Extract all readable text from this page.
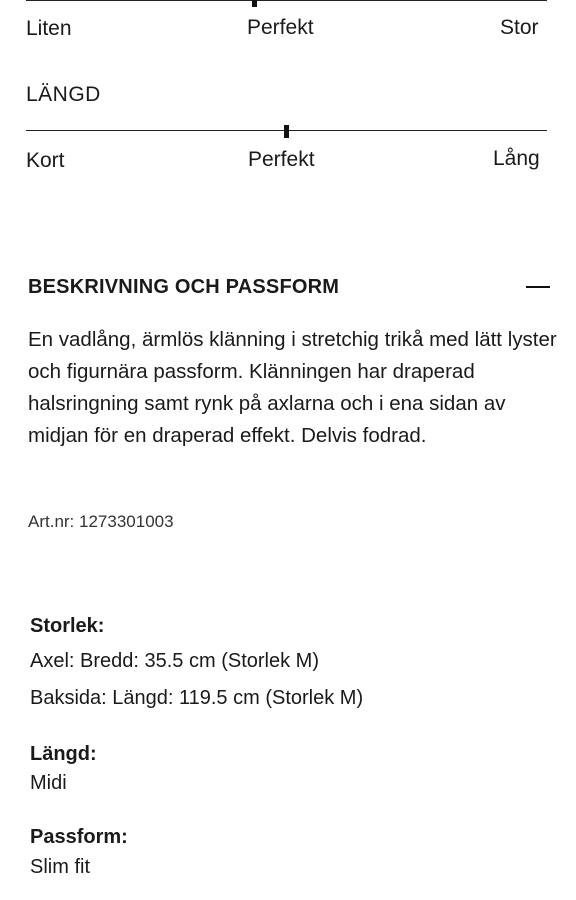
Liten	Perfekt	Stor
LÄNGD
Kort	Perfekt	Lång
BESKRIVNING OCH PASSFORM

En vadlång, ärmlös klänning i stretchig trikå med lätt lyster och figurnära passform. Klänningen har draperad halsringning samt rynk på axlarna och i ena sidan av midjan för en draperad effekt. Delvis fodrad.

Art.nr: 1273301003
Storlek:
Axel: Bredd: 35.5 cm (Storlek M)
Baksida: Längd: 119.5 cm (Storlek M)
Längd:
Midi
Passform:
Slim fit
